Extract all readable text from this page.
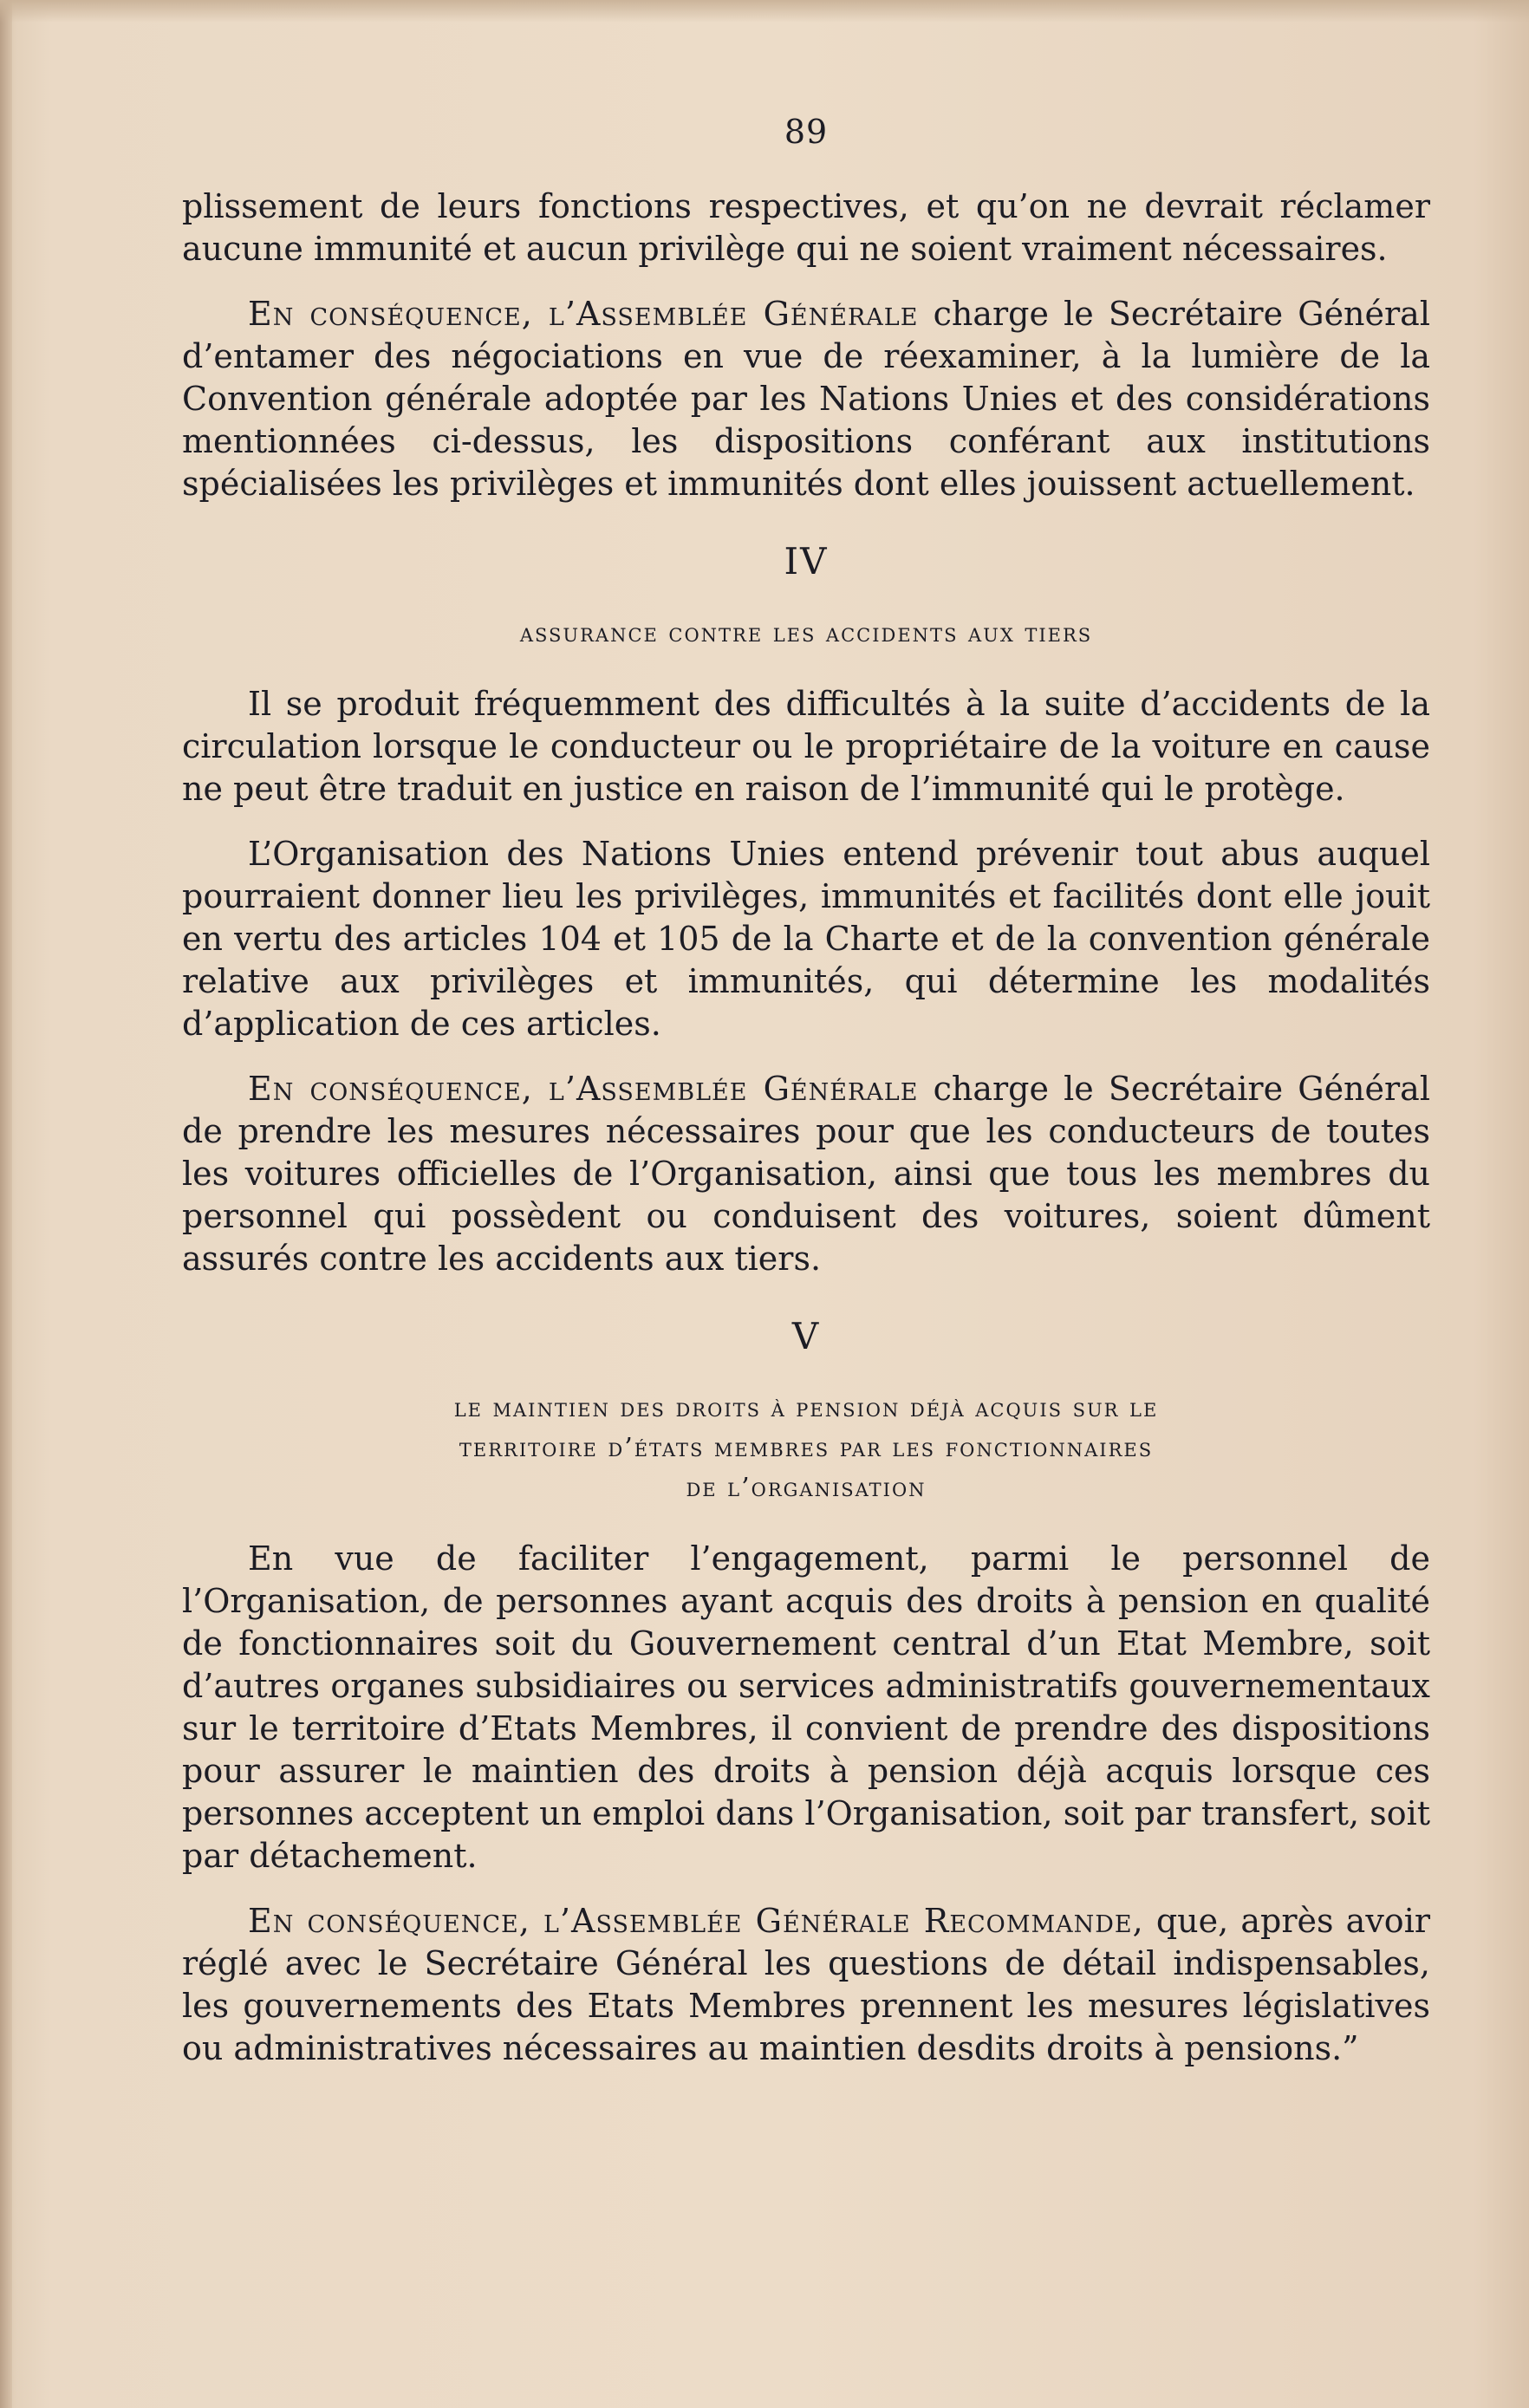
89

plissement de leurs fonctions respectives, et qu’on ne devrait réclamer aucune immunité et aucun privilège qui ne soient vraiment nécessaires.

En conséquence, l’Assemblée Générale charge le Secrétaire Général d’entamer des négociations en vue de réexaminer, à la lumière de la Convention générale adoptée par les Nations Unies et des considérations mentionnées ci-dessus, les dispositions conférant aux institutions spécialisées les privilèges et immunités dont elles jouissent actuellement.

IV
assurance contre les accidents aux tiers

Il se produit fréquemment des difficultés à la suite d’accidents de la circulation lorsque le conducteur ou le propriétaire de la voiture en cause ne peut être traduit en justice en raison de l’immunité qui le protège.

L’Organisation des Nations Unies entend prévenir tout abus auquel pourraient donner lieu les privilèges, immunités et facilités dont elle jouit en vertu des articles 104 et 105 de la Charte et de la convention générale relative aux privilèges et immunités, qui détermine les modalités d’application de ces articles.

En conséquence, l’Assemblée Générale charge le Secrétaire Général de prendre les mesures nécessaires pour que les conducteurs de toutes les voitures officielles de l’Organisation, ainsi que tous les membres du personnel qui possèdent ou conduisent des voitures, soient dûment assurés contre les accidents aux tiers.

V
le maintien des droits à pension déjà acquis sur le
territoire d’états membres par les fonctionnaires
de l’organisation

En vue de faciliter l’engagement, parmi le personnel de l’Organisation, de personnes ayant acquis des droits à pension en qualité de fonctionnaires soit du Gouvernement central d’un Etat Membre, soit d’autres organes subsidiaires ou services administratifs gouvernementaux sur le territoire d’Etats Membres, il convient de prendre des dispositions pour assurer le maintien des droits à pension déjà acquis lorsque ces personnes acceptent un emploi dans l’Organisation, soit par transfert, soit par détachement.

En conséquence, l’Assemblée Générale Recommande, que, après avoir réglé avec le Secrétaire Général les questions de détail indispensables, les gouvernements des Etats Membres prennent les mesures législatives ou administratives nécessaires au maintien desdits droits à pensions.”
